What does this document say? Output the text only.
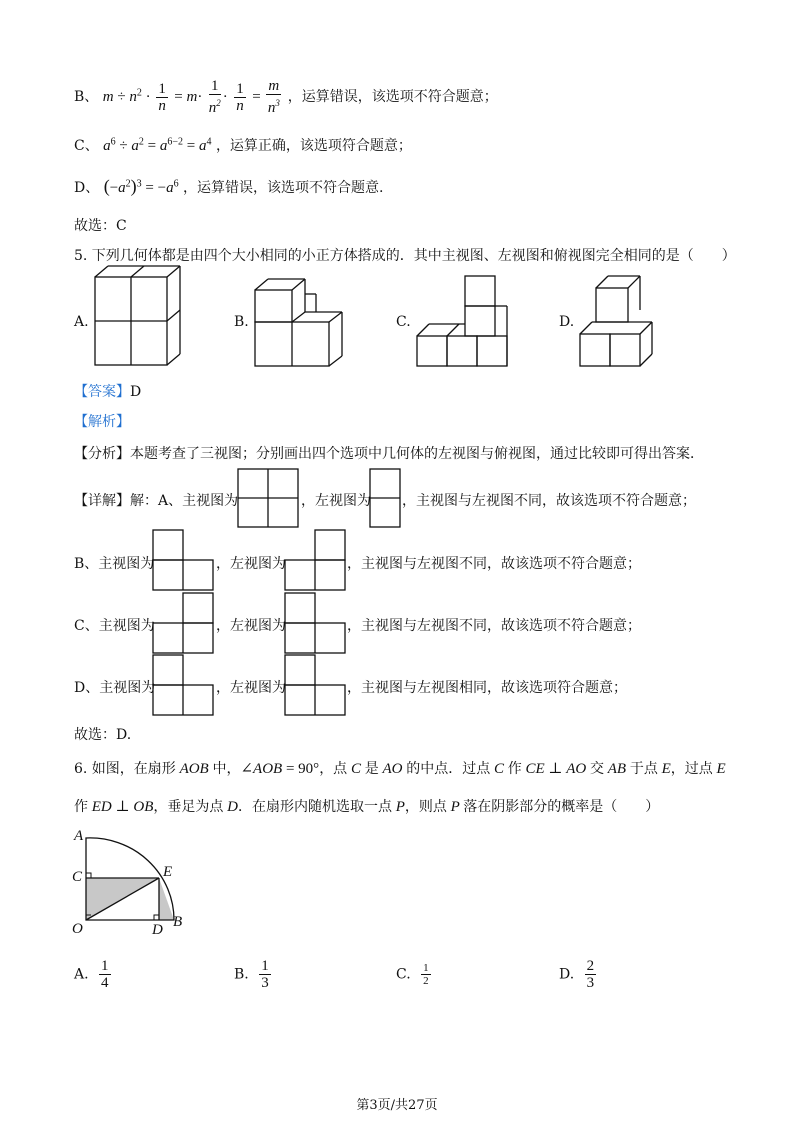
B、 $m \div n^2 \cdot \frac{1}{n} = m\cdot \frac{1}{n^2} \cdot \frac{1}{n} = \frac{m}{n^3}$ ，运算错误，该选项不符合题意；
C、 $a^6 \div a^2 = a^{6-2} = a^4$ ，运算正确，该选项符合题意；
D、 $(-a^2)^3 = -a^6$ ，运算错误，该选项不符合题意.
故选：C
5. 下列几何体都是由四个大小相同的小正方体搭成的．其中主视图、左视图和俯视图完全相同的是（　　）
A.	B.	C.	D.
【答案】D
【解析】
【分析】本题考查了三视图；分别画出四个选项中几何体的左视图与俯视图，通过比较即可得出答案．
【详解】解：A、主视图为	，左视图为 ，主视图与左视图不同，故该选项不符合题意；
B、主视图为	，左视图为	，主视图与左视图不同，故该选项不符合题意；
C、主视图为	，左视图为	，主视图与左视图不同，故该选项不符合题意；
D、主视图为	，左视图为	，主视图与左视图相同，故该选项符合题意；
故选：D.
6. 如图，在扇形 AOB 中，∠AOB = 90°，点 C 是 AO 的中点．过点 C 作 CE ⊥ AO 交 AB 于点 E，过点 E
作 ED ⊥ OB，垂足为点 D．在扇形内随机选取一点 P，则点 P 落在阴影部分的概率是（　　）
A
C	E
O	D B
A. $\frac{1}{4}$	B. $\frac{1}{3}$	C. $\frac{1}{2}$	D. $\frac{2}{3}$
第3页/共27页
